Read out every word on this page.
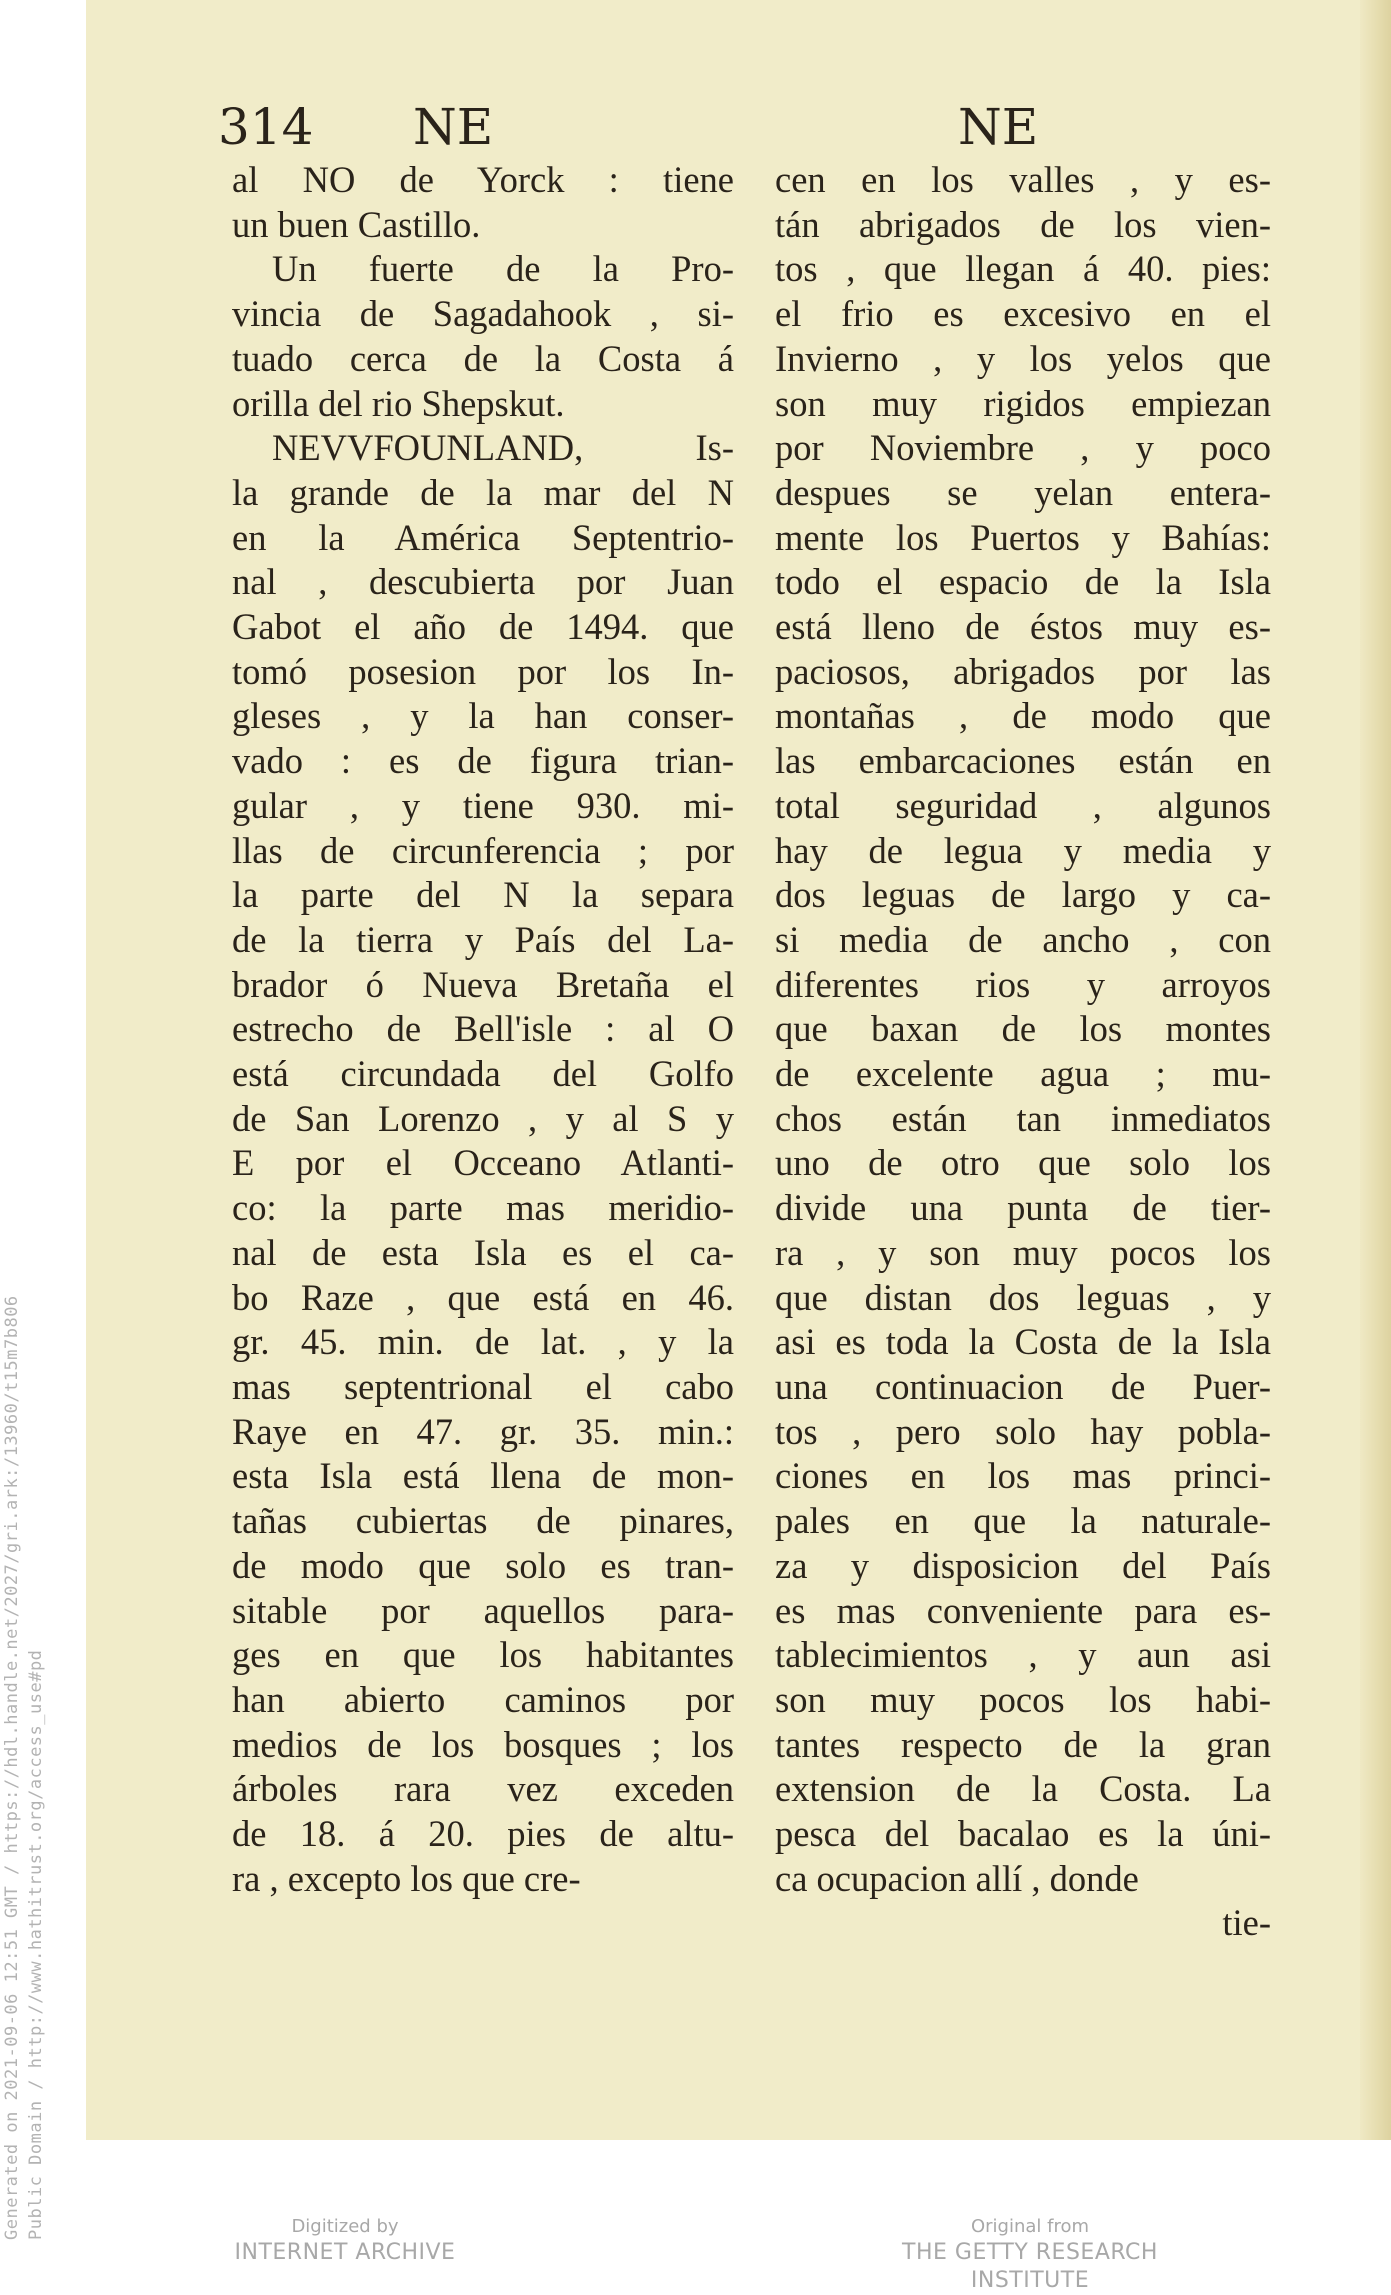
Generated on 2021-09-06 12:51 GMT / https://hdl.handle.net/2027/gri.ark:/13960/t15m7b806 Public Domain / http://www.hathitrust.org/access_use#pd
314 NE	NE
al NO de Yorck : tiene
un buen Castillo.
Un fuerte de la Pro-
vincia de Sagadahook , si-
tuado cerca de la Costa á
orilla del rio Shepskut.
NEVVFOUNLAND, Is-
la grande de la mar del N
en la América Septentrio-
nal , descubierta por Juan
Gabot el año de 1494. que
tomó posesion por los In-
gleses , y la han conser-
vado : es de figura trian-
gular , y tiene 930. mi-
llas de circunferencia ; por
la parte del N la separa
de la tierra y País del La-
brador ó Nueva Bretaña el
estrecho de Bell'isle : al O
está circundada del Golfo
de San Lorenzo , y al S y
E por el Occeano Atlanti-
co: la parte mas meridio-
nal de esta Isla es el ca-
bo Raze , que está en 46.
gr. 45. min. de lat. , y la
mas septentrional el cabo
Raye en 47. gr. 35. min.:
esta Isla está llena de mon-
tañas cubiertas de pinares,
de modo que solo es tran-
sitable por aquellos para-
ges en que los habitantes
han abierto caminos por
medios de los bosques ; los
árboles rara vez exceden
de 18. á 20. pies de altu-
ra , excepto los que cre-
cen en los valles , y es-
tán abrigados de los vien-
tos , que llegan á 40. pies:
el frio es excesivo en el
Invierno , y los yelos que
son muy rigidos empiezan
por Noviembre , y poco
despues se yelan entera-
mente los Puertos y Bahías:
todo el espacio de la Isla
está lleno de éstos muy es-
paciosos, abrigados por las
montañas , de modo que
las embarcaciones están en
total seguridad , algunos
hay de legua y media y
dos leguas de largo y ca-
si media de ancho , con
diferentes rios y arroyos
que baxan de los montes
de excelente agua ; mu-
chos están tan inmediatos
uno de otro que solo los
divide una punta de tier-
ra , y son muy pocos los
que distan dos leguas , y
asi es toda la Costa de la Isla
una continuacion de Puer-
tos , pero solo hay pobla-
ciones en los mas princi-
pales en que la naturale-
za y disposicion del País
es mas conveniente para es-
tablecimientos , y aun asi
son muy pocos los habi-
tantes respecto de la gran
extension de la Costa. La
pesca del bacalao es la úni-
ca ocupacion allí , donde
tie-
Digitized by
INTERNET ARCHIVE
Original from
THE GETTY RESEARCH INSTITUTE
